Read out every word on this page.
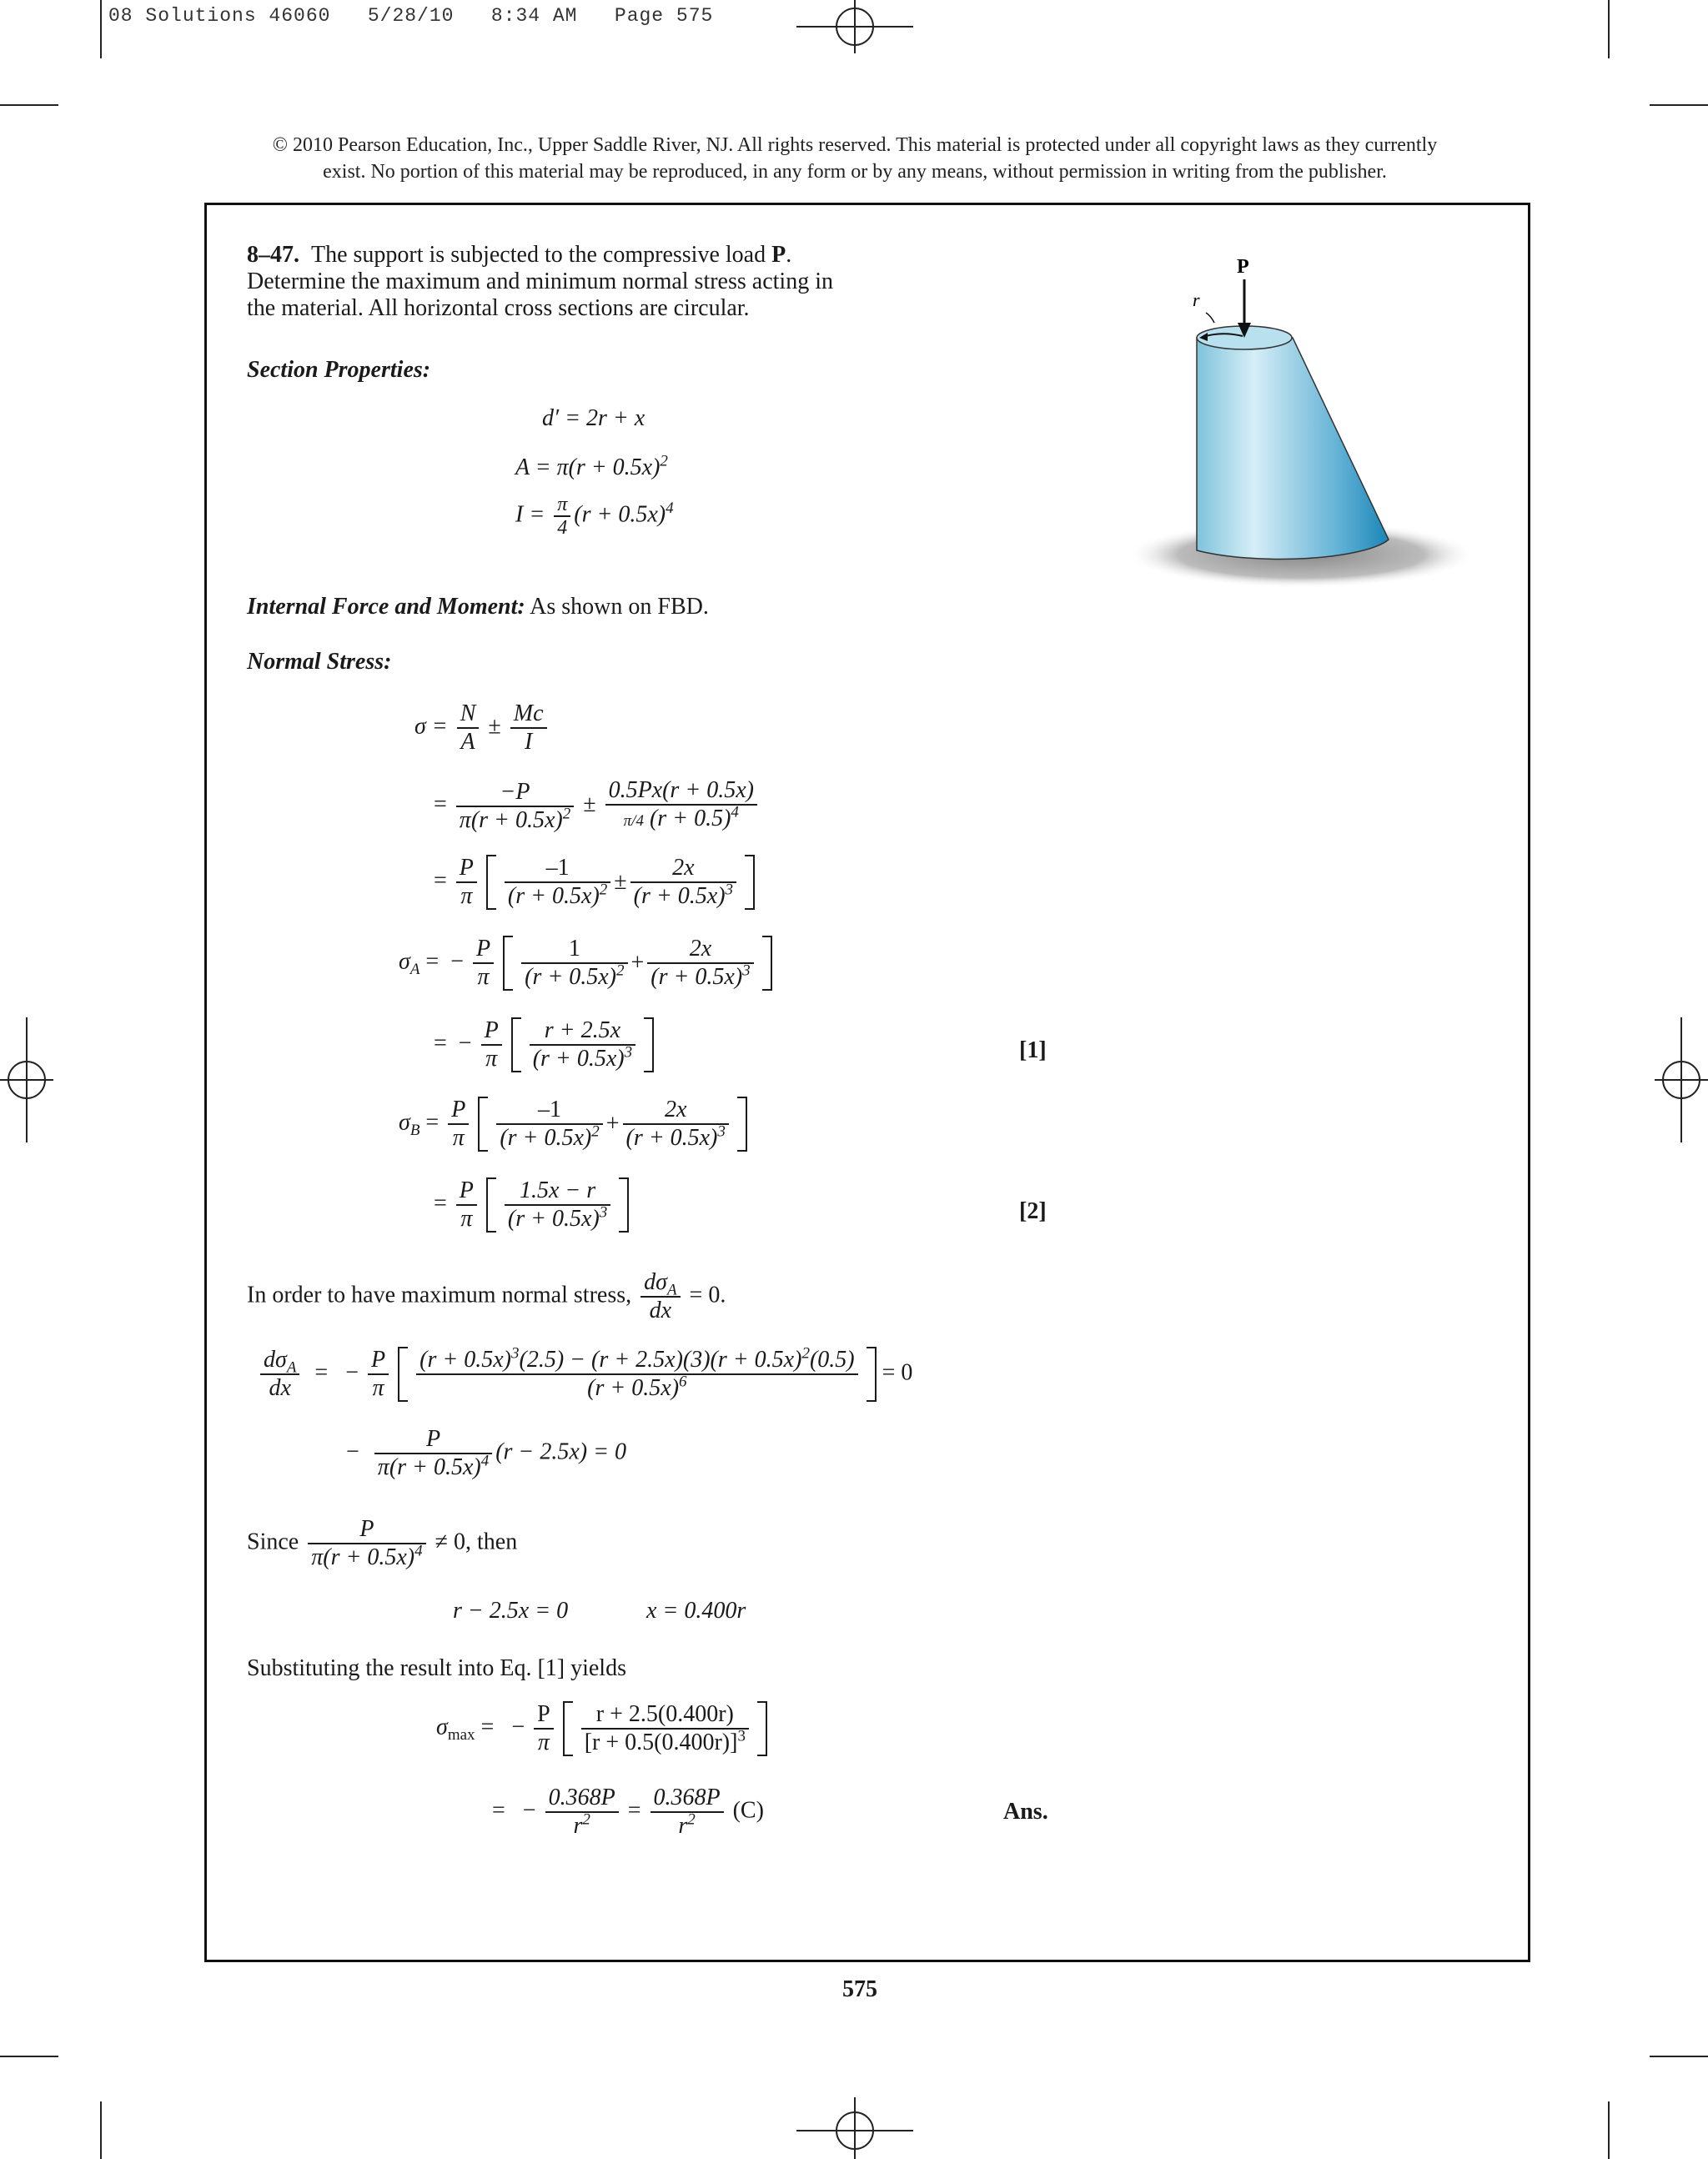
08 Solutions 46060   5/28/10   8:34 AM   Page 575
© 2010 Pearson Education, Inc., Upper Saddle River, NJ. All rights reserved. This material is protected under all copyright laws as they currently
exist. No portion of this material may be reproduced, in any form or by any means, without permission in writing from the publisher.
8–47. The support is subjected to the compressive load P. Determine the maximum and minimum normal stress acting in the material. All horizontal cross sections are circular.
P
r
Section Properties:
d′ = 2r + x
$A = \pi(r + 0.5x)^2$
$I = \frac{\pi}{4} (r + 0.5x)^4$
Internal Force and Moment: As shown on FBD.
Normal Stress:
$\sigma = \frac{N}{A} \pm \frac{Mc}{I}$
= $\frac{-P}{\pi(r + 0.5x)^2} \pm \frac{0.5Px(r + 0.5x)}{\pi/4 (r + 0.5)^4}$
= $\frac{P}{\pi}$
$\frac{-1}{(r + 0.5x)^2} \pm \frac{2x}{(r + 0.5x)^3}$
$\sigma_A$ = − $\frac{P}{\pi}$
$\frac{1}{(r + 0.5x)^2} + \frac{2x}{(r + 0.5x)^3}$
= − $\frac{P}{\pi}$
$\frac{r + 2.5x}{(r + 0.5x)^3}$	[1]
$\sigma_B = \frac{P}{\pi}$
$\frac{-1}{(r + 0.5x)^2} + \frac{2x}{(r + 0.5x)^3}$
= $\frac{P}{\pi}$
$\frac{1.5x - r}{(r + 0.5x)^3}$	[2]
In order to have maximum normal stress, $\frac{d\sigma_A}{dx} = 0$.
$\frac{d\sigma_A}{dx}$ = − $\frac{P}{\pi}$
$\frac{(r + 0.5x)^3(2.5) - (r + 2.5x)(3)(r + 0.5x)^2(0.5)}{(r + 0.5x)^6} = 0$
− $\frac{P}{\pi(r + 0.5x)^4} (r - 2.5x) = 0$
Since $\frac{P}{\pi(r + 0.5x)^4} \ne 0$, then
r − 2.5x = 0	x = 0.400r
Substituting the result into Eq. [1] yields
$\sigma_{max}$ = − $\frac{P}{\pi}$
$\frac{r + 2.5(0.400r)}{[r + 0.5(0.400r)]^3}$
= − $\frac{0.368P}{r^2} = \frac{0.368P}{r^2} (C)$	Ans.
575
